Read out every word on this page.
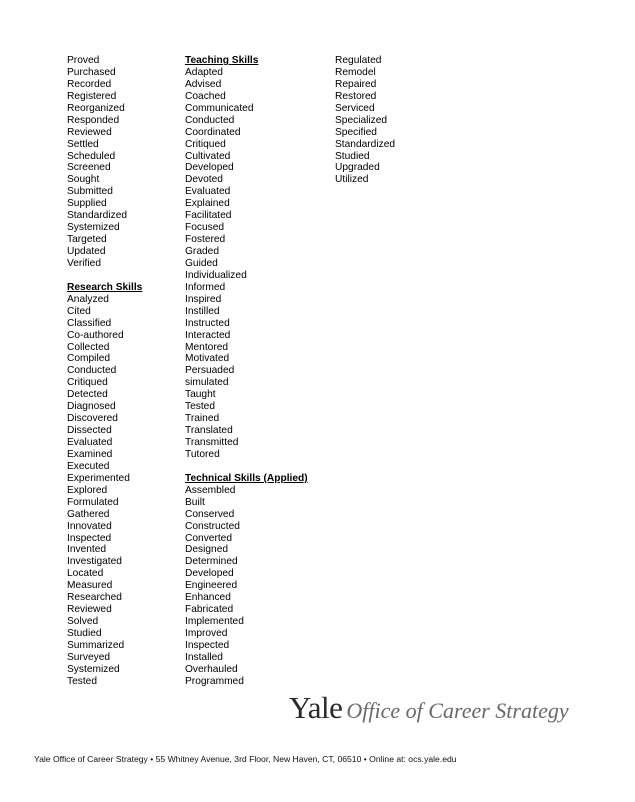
Proved
Purchased
Recorded
Registered
Reorganized
Responded
Reviewed
Settled
Scheduled
Screened
Sought
Submitted
Supplied
Standardized
Systemized
Targeted
Updated
Verified
Research Skills
Analyzed
Cited
Classified
Co-authored
Collected
Compiled
Conducted
Critiqued
Detected
Diagnosed
Discovered
Dissected
Evaluated
Examined
Executed
Experimented
Explored
Formulated
Gathered
Innovated
Inspected
Invented
Investigated
Located
Measured
Researched
Reviewed
Solved
Studied
Summarized
Surveyed
Systemized
Tested
Teaching Skills
Adapted
Advised
Coached
Communicated
Conducted
Coordinated
Critiqued
Cultivated
Developed
Devoted
Evaluated
Explained
Facilitated
Focused
Fostered
Graded
Guided
Individualized
Informed
Inspired
Instilled
Instructed
Interacted
Mentored
Motivated
Persuaded
simulated
Taught
Tested
Trained
Translated
Transmitted
Tutored
Technical Skills (Applied)
Assembled
Built
Conserved
Constructed
Converted
Designed
Determined
Developed
Engineered
Enhanced
Fabricated
Implemented
Improved
Inspected
Installed
Overhauled
Programmed
Regulated
Remodel
Repaired
Restored
Serviced
Specialized
Specified
Standardized
Studied
Upgraded
Utilized
Yale Office of Career Strategy
Yale Office of Career Strategy • 55 Whitney Avenue, 3rd Floor, New Haven, CT, 06510 • Online at: ocs.yale.edu
